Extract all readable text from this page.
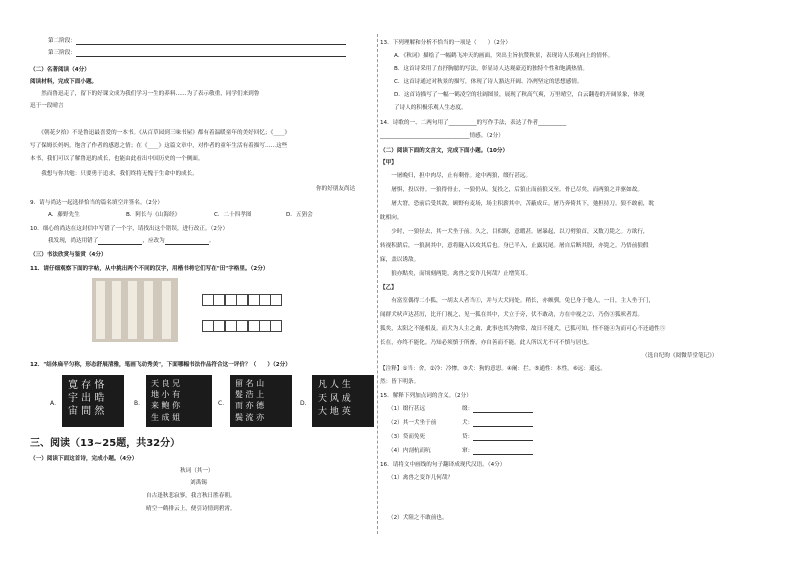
第二阶段：
第三阶段：
（二）名著阅读（4分）
阅读材料，完成下面小题。
　　然而鲁迅走了，留下的好课文成为我们学习一生的养料……为了表示敬重，同学们来到鲁
迅于一段晴言
　　《朝花夕拾》不是鲁迅最喜爱的一本书。《从百草园到三味书屋》都有着温暖童年的美好回忆；《____》
写了保姆长妈妈，饱含了作者的感恩之情；在《____》这篇文章中，对作者的童年生活有着描写……这些
本书，我们可以了解鲁迅的成长，也能由此看出中国历史的一个侧面。
　　我想与你共勉：只要勇于追求，我们终将无愧于生命中的成长。
你的好朋友尚达
9．请与尚达一起选择恰当的篇名填空并签名。（2分）
A．藤野先生	B．阿长与《山海经》	C．二十四孝图	D．五猖会
10．细心的尚达在这封信中写错了一个字，请找出这个错误，进行改正。（2分）
我发现，尚达用错了	，应改为	。
（三）书法欣赏与鉴赏（4分）
11．请仔细观察下面的字帖，从中挑出两个不同的汉字，用楷书将它们写在"田"字格里。（2分）
12．"结体扁平匀称，形态舒展清雅，笔画飞动秀美"，下面哪幅书法作品符合这一评价？（　　）（2分）
A．
寛 存 恪
宇 出 晧
宙 間 然
B．
天 良 兄
地 小 有
来 鲍 你
生 成 姐
C．
留 名 山
髮 浩 上
而 亦 德
鬓 流 亦
D．
凡 人 生
天 风 成
大 地 英
三、阅读（13~25题，共32分）
（一）阅读下面这首诗，完成小题。（4分）
秋词（其一）
刘禹锡
自古逢秋悲寂寥，我言秋日胜春朝。
晴空一鹤排云上，便引诗情到碧霄。
13．下列理解和分析不恰当的一项是（　　）（2分）
A．《秋词》描绘了一幅鹤飞冲天的画面，突出主旨抗赞秋景，表现诗人乐观向上的情怀。
B．这首诗采用了直抒胸臆的写法，彰显诗人达观豪迈的独特个性和饱满热情。
C．这首诗通过对秋景的描写，体现了诗人豁达开阔、冷冽坚定的思想感情。
D．这首诗描写了一幅一鹤凌空的壮阔图景，展现了秋高气爽，万里晴空，白云翻卷的开阔景象，体现
了诗人的积极乐观人生态度。
14．诗歌的一、二两句用了__________的写作手法，表达了作者__________
________________________________情感。（2分）
（二）阅读下面的文言文，完成下面小题。（10分）
【甲】
　　一屠晚归，担中肉尽，止有剩骨。途中两狼，缀行甚远。
　　屠惧，投以骨。一狼得骨止，一狼仍从。复投之，后狼止而前狼又至。骨已尽矣，而两狼之并驱如故。
　　屠大窘，恐前后受其敌。顾野有麦场，场主积薪其中，苫蔽成丘。屠乃奔倚其下，弛担持刀。狼不敢前，眈
眈相向。
　　少时，一狼径去，其一犬坐于前。久之，目似瞑，意暇甚。屠暴起，以刀劈狼首，又数刀毙之。方欲行，
转视积薪后，一狼洞其中，意将隧入以攻其后也。身已半入，止露尻尾。屠自后断其股，亦毙之。乃悟前狼假
寐，盖以诱敌。
　　狼亦黠矣，而顷刻两毙，禽兽之变诈几何哉？止增笑耳。
【乙】
　　有富室偶得二小狐，一胡太人者当①，并与大犬同处。稍长，亦颇驯，免巳身于他人，一日，主人坐于门，
闻群犬吠声达甚厉，比开门视之，见一狐在其中，犬立于旁，伏不敢动，方在中视之②，乃伤③狐吠者焉。
狐矣，太阳之不能相及。而犬为人主之禽，此事也其为物常，故日不能犬，已狐可知，怪不能④为而可心不还通性⑤
长在，亦终不能化。乃知必须慎于所畜，亦自善而不能。此人所以尤不可不慎与居也。
（选自纪昀《阅微草堂笔记》）
【注释】①当：舍。②冷：冷惨。③犬：狗的意思。④阑：拦。⑤通性：本性。⑥远：遥远。
然：皆下明条。
15．解释下列加点词的含义。（2分）
（1）缀行甚远	缀：
（2）其一犬坐于前	犬：
（3）贷而免死	贷：
（4）内剖杭而吭	窜：
16．请将文中画线的句子翻译成现代汉语。（4分）
（1）禽兽之变诈几何哉？
（2）犬阻之不敢前也。
